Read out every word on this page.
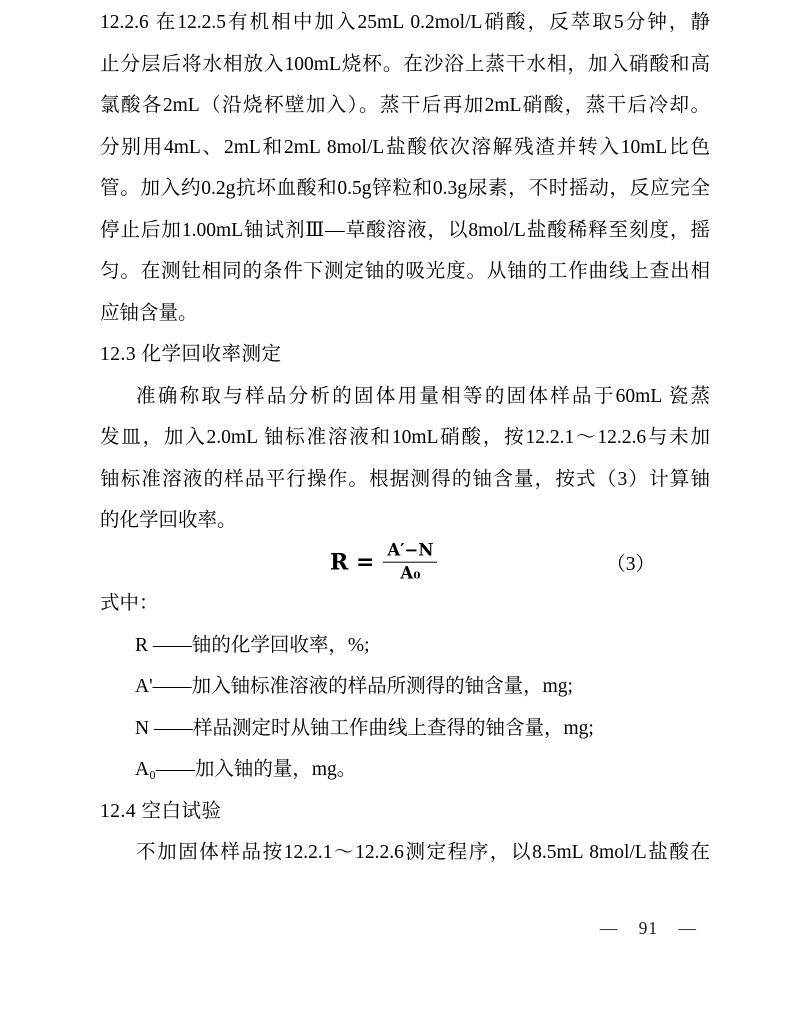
12.2.6 在12.2.5有机相中加入25mL 0.2mol/L硝酸，反萃取5分钟，静
止分层后将水相放入100mL烧杯。在沙浴上蒸干水相，加入硝酸和高
氯酸各2mL（沿烧杯壁加入）。蒸干后再加2mL硝酸，蒸干后冷却。
分别用4mL、2mL和2mL 8mol/L盐酸依次溶解残渣并转入10mL比色
管。加入约0.2g抗坏血酸和0.5g锌粒和0.3g尿素，不时摇动，反应完全
停止后加1.00mL铀试剂Ⅲ—草酸溶液，以8mol/L盐酸稀释至刻度，摇
匀。在测钍相同的条件下测定铀的吸光度。从铀的工作曲线上查出相
应铀含量。
12.3 化学回收率测定
准确称取与样品分析的固体用量相等的固体样品于60mL 瓷蒸
发皿，加入2.0mL 铀标准溶液和10mL硝酸，按12.2.1～12.2.6与未加
铀标准溶液的样品平行操作。根据测得的铀含量，按式（3）计算铀
的化学回收率。
$R = \frac{A'-N}{\text{A₀}}$	（3）
式中：
R ——铀的化学回收率，%;
A'——加入铀标准溶液的样品所测得的铀含量，mg;
N ——样品测定时从铀工作曲线上查得的铀含量，mg;
A₀——加入铀的量，mg。
12.4 空白试验
不加固体样品按12.2.1～12.2.6测定程序，以8.5mL 8mol/L盐酸在
— 91 —
